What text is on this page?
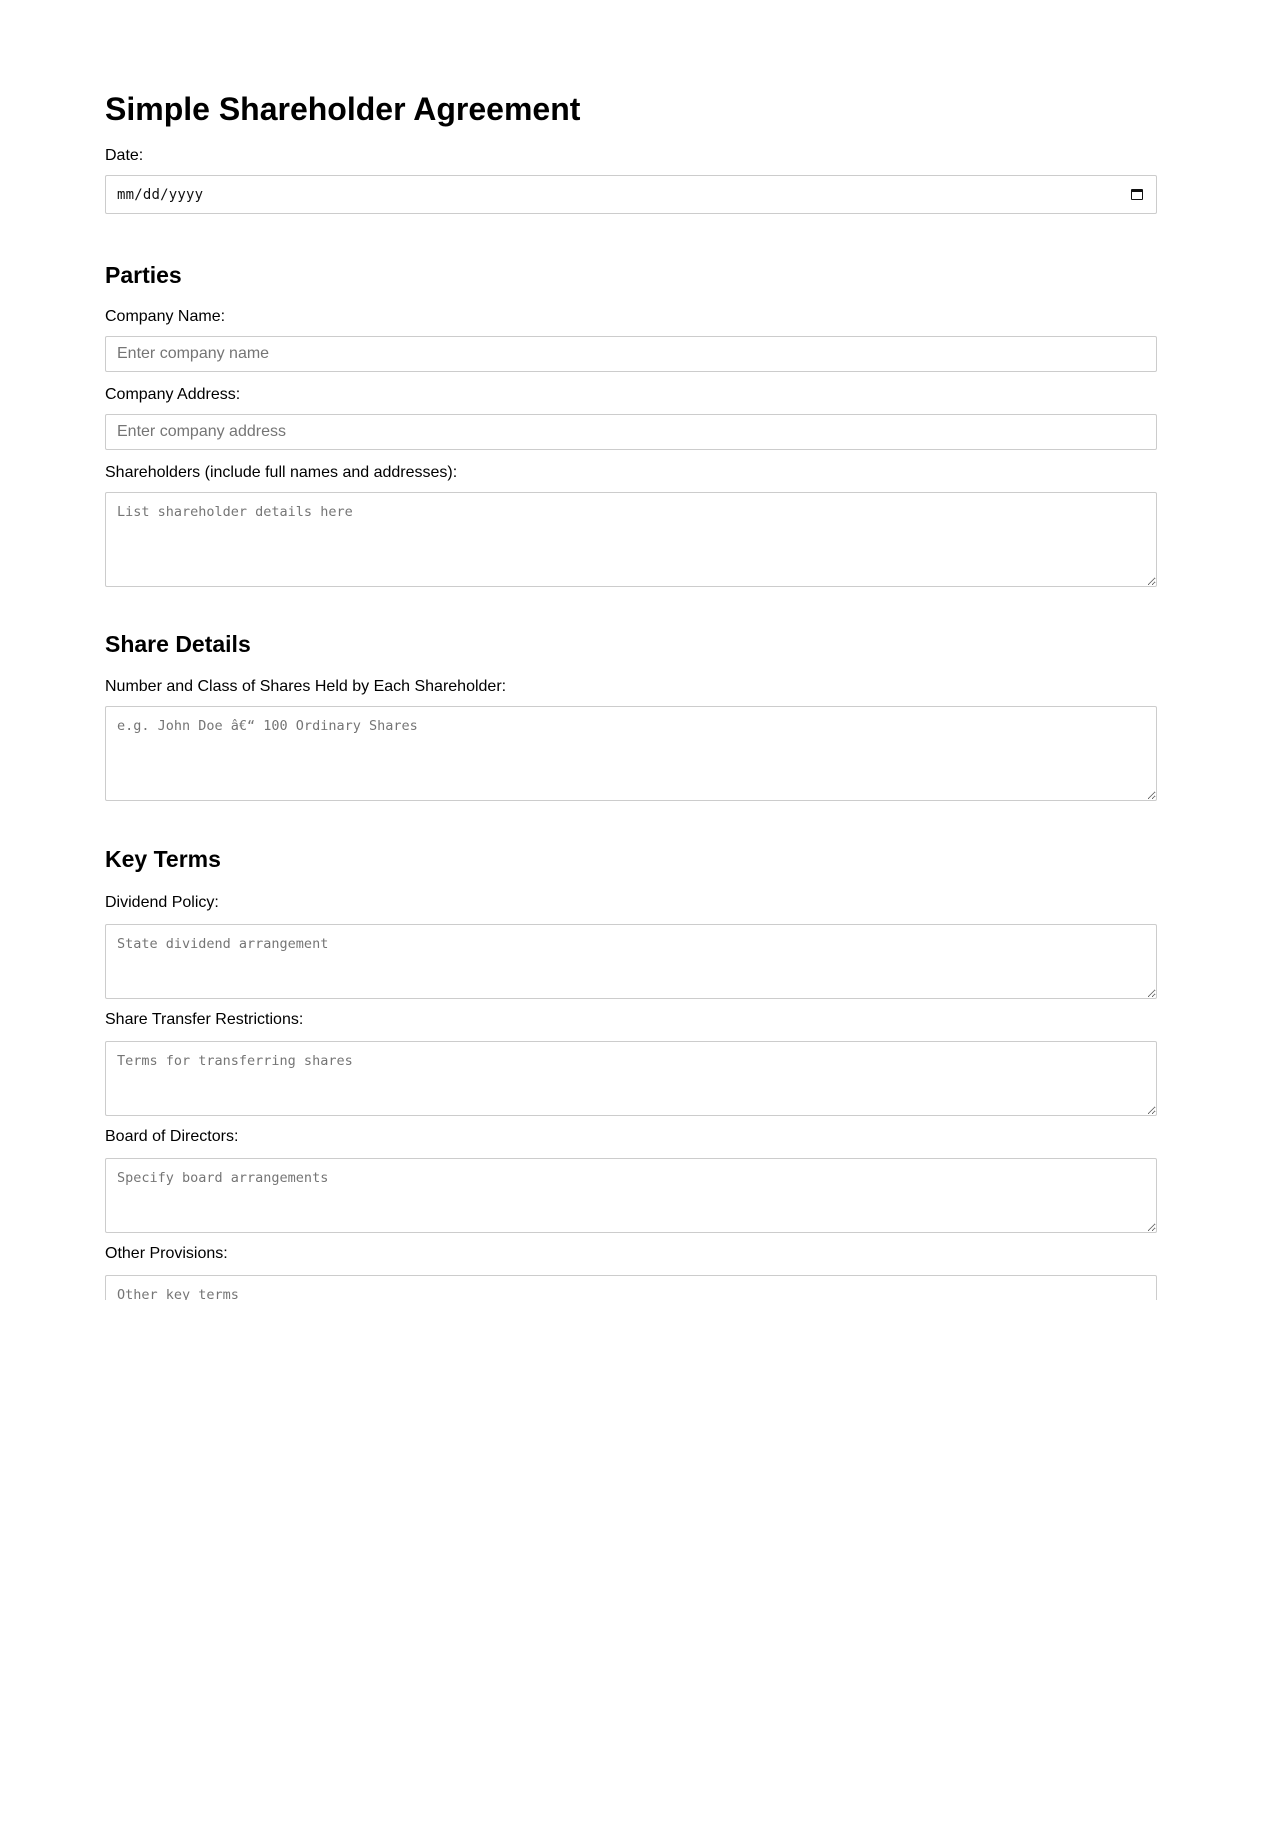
Simple Shareholder Agreement
Date:
mm/dd/yyyy
Parties
Company Name:
Enter company name
Company Address:
Enter company address
Shareholders (include full names and addresses):
List shareholder details here
Share Details
Number and Class of Shares Held by Each Shareholder:
e.g. John Doe â€“ 100 Ordinary Shares
Key Terms
Dividend Policy:
State dividend arrangement
Share Transfer Restrictions:
Terms for transferring shares
Board of Directors:
Specify board arrangements
Other Provisions:
Other key terms
